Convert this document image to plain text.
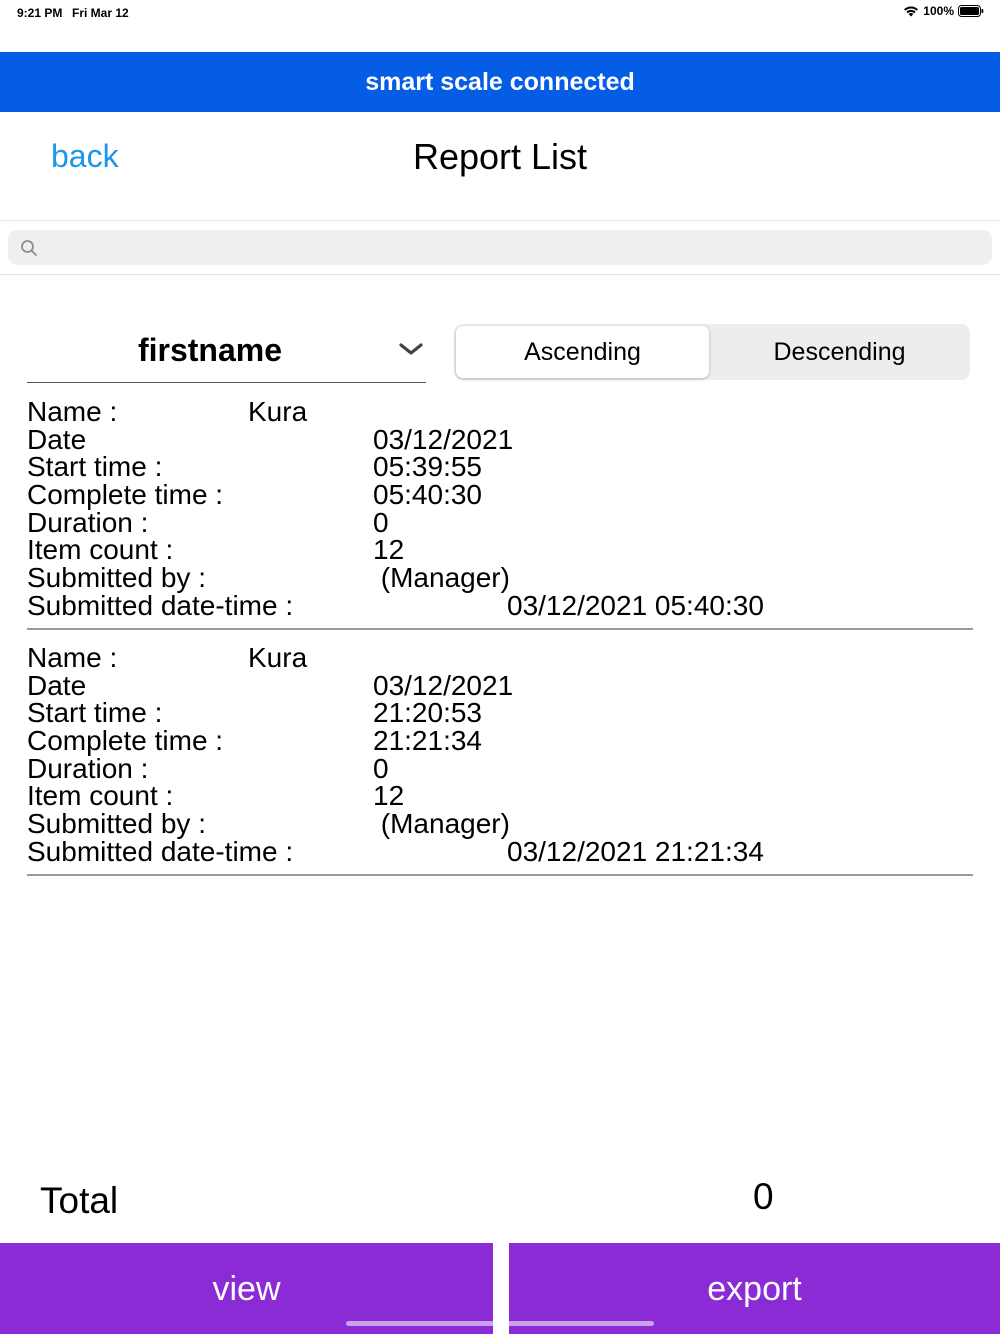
9:21 PM Fri Mar 12	100%
smart scale connected
back	Report List
firstname	Ascending	Descending
Name :	Kura
Date	03/12/2021
Start time :	05:39:55
Complete time :	05:40:30
Duration :	0
Item count :	12
Submitted by :	(Manager)
Submitted date-time :	03/12/2021 05:40:30
Name :	Kura
Date	03/12/2021
Start time :	21:20:53
Complete time :	21:21:34
Duration :	0
Item count :	12
Submitted by :	(Manager)
Submitted date-time :	03/12/2021 21:21:34
Total	0
view	export
